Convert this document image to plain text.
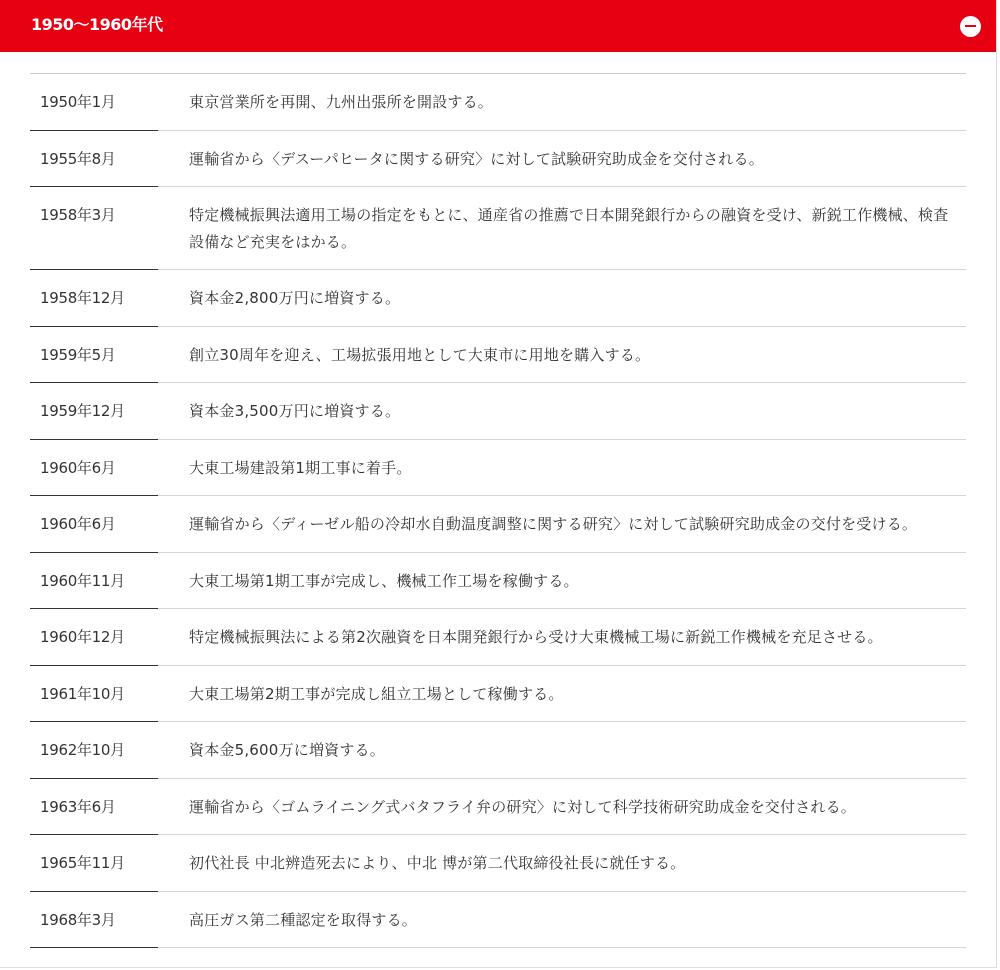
1950〜1960年代
1950年1月	東京営業所を再開、九州出張所を開設する。
1955年8月	運輸省から〈デスーパヒータに関する研究〉に対して試験研究助成金を交付される。
1958年3月	特定機械振興法適用工場の指定をもとに、通産省の推薦で日本開発銀行からの融資を受け、新鋭工作機械、検査設備など充実をはかる。
1958年12月	資本金2,800万円に増資する。
1959年5月	創立30周年を迎え、工場拡張用地として大東市に用地を購入する。
1959年12月	資本金3,500万円に増資する。
1960年6月	大東工場建設第1期工事に着手。
1960年6月	運輸省から〈ディーゼル船の冷却水自動温度調整に関する研究〉に対して試験研究助成金の交付を受ける。
1960年11月	大東工場第1期工事が完成し、機械工作工場を稼働する。
1960年12月	特定機械振興法による第2次融資を日本開発銀行から受け大東機械工場に新鋭工作機械を充足させる。
1961年10月	大東工場第2期工事が完成し組立工場として稼働する。
1962年10月	資本金5,600万に増資する。
1963年6月	運輸省から〈ゴムライニング式バタフライ弁の研究〉に対して科学技術研究助成金を交付される。
1965年11月	初代社長 中北辨造死去により、中北 博が第二代取締役社長に就任する。
1968年3月	高圧ガス第二種認定を取得する。
